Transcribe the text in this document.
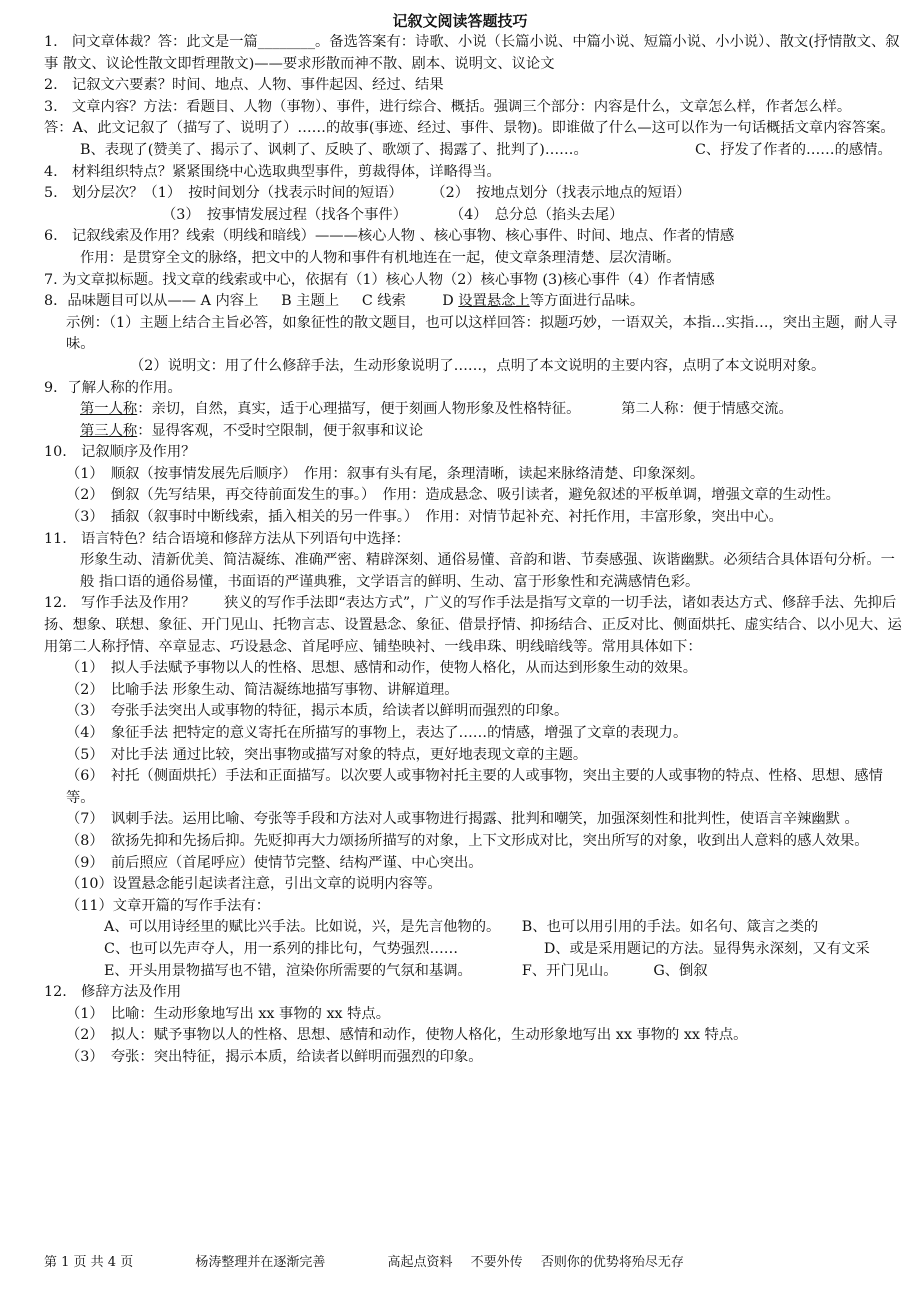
记叙文阅读答题技巧

1.　问文章体裁？答：此文是一篇________。备选答案有：诗歌、小说（长篇小说、中篇小说、短篇小说、小小说）、散文(抒情散文、叙事 散文、议论性散文即哲理散文)——要求形散而神不散、剧本、说明文、议论文

2.　记叙文六要素？时间、地点、人物、事件起因、经过、结果

3.　文章内容？方法：看题目、人物（事物）、事件，进行综合、概括。强调三个部分：内容是什么，文章怎么样，作者怎么样。

答：A、此文记叙了（描写了、说明了）……的故事(事迹、经过、事件、景物)。即谁做了什么—这可以作为一句话概括文章内容答案。

B、表现了(赞美了、揭示了、讽刺了、反映了、歌颂了、揭露了、批判了)……。　　　　　　　　C、抒发了作者的……的感情。

4.　材料组织特点？紧紧围绕中心选取典型事件，剪裁得体，详略得当。

5.　划分层次？（1）　按时间划分（找表示时间的短语）　　　（2）　按地点划分（找表示地点的短语）

（3）　按事情发展过程（找各个事件）　　　　（4）　总分总（掐头去尾）

6.　记叙线索及作用？线索（明线和暗线）———核心人物 、核心事物、核心事件、时间、地点、作者的情感

作用：是贯穿全文的脉络，把文中的人物和事件有机地连在一起，使文章条理清楚、层次清晰。

7. 为文章拟标题。找文章的线索或中心，依据有（1）核心人物（2）核心事物 (3)核心事件（4）作者情感

8．品味题目可以从—— A 内容上 B 主题上 C 线索	D 设置悬念上等方面进行品味。

示例：（1）主题上结合主旨必答，如象征性的散文题目，也可以这样回答：拟题巧妙，一语双关，本指…实指…，突出主题，耐人寻味。

（2）说明文：用了什么修辞手法，生动形象说明了……，点明了本文说明的主要内容，点明了本文说明对象。

9．了解人称的作用。

第一人称：亲切，自然，真实，适于心理描写，便于刻画人物形象及性格特征。	第二人称：便于情感交流。

第三人称：显得客观，不受时空限制，便于叙事和议论

10.　记叙顺序及作用？

（1）　顺叙（按事情发展先后顺序）　作用：叙事有头有尾，条理清晰，读起来脉络清楚、印象深刻。

（2）　倒叙（先写结果，再交待前面发生的事。）　作用：造成悬念、吸引读者，避免叙述的平板单调，增强文章的生动性。

（3）　插叙（叙事时中断线索，插入相关的另一件事。）　作用：对情节起补充、衬托作用，丰富形象，突出中心。

11.　语言特色？结合语境和修辞方法从下列语句中选择：

形象生动、清新优美、简洁凝练、准确严密、精辟深刻、通俗易懂、音韵和谐、节奏感强、诙谐幽默。必须结合具体语句分析。一般 指口语的通俗易懂，书面语的严谨典雅，文学语言的鲜明、生动、富于形象性和充满感情色彩。

12.　写作手法及作用？　　狭义的写作手法即“表达方式”，广义的写作手法是指写文章的一切手法，诸如表达方式、修辞手法、先抑后扬、想象、联想、象征、开门见山、托物言志、设置悬念、象征、借景抒情、抑扬结合、正反对比、侧面烘托、虚实结合、以小见大、运用第二人称抒情、卒章显志、巧设悬念、首尾呼应、铺垫映衬、一线串珠、明线暗线等。常用具体如下：

（1）　拟人手法赋予事物以人的性格、思想、感情和动作，使物人格化，从而达到形象生动的效果。

（2）　比喻手法 形象生动、简洁凝练地描写事物、讲解道理。

（3）　夸张手法突出人或事物的特征，揭示本质，给读者以鲜明而强烈的印象。

（4）　象征手法 把特定的意义寄托在所描写的事物上，表达了……的情感，增强了文章的表现力。

（5）　对比手法 通过比较，突出事物或描写对象的特点，更好地表现文章的主题。

（6）　衬托（侧面烘托）手法和正面描写。以次要人或事物衬托主要的人或事物，突出主要的人或事物的特点、性格、思想、感情等。

（7）　讽刺手法。运用比喻、夸张等手段和方法对人或事物进行揭露、批判和嘲笑，加强深刻性和批判性，使语言辛辣幽默 。

（8）　欲扬先抑和先扬后抑。先贬抑再大力颂扬所描写的对象，上下文形成对比，突出所写的对象，收到出人意料的感人效果。

（9）　前后照应（首尾呼应）使情节完整、结构严谨、中心突出。

（10）设置悬念能引起读者注意，引出文章的说明内容等。

（11）文章开篇的写作手法有：

A、可以用诗经里的赋比兴手法。比如说，兴，是先言他物的。　　B、也可以用引用的手法。如名句、箴言之类的

C、也可以先声夺人，用一系列的排比句，气势强烈……　　　　　　D、或是采用题记的方法。显得隽永深刻，又有文采

E、开头用景物描写也不错，渲染你所需要的气氛和基调。　　　　F、开门见山。　　　G、倒叙

12.　修辞方法及作用

（1）　比喻：生动形象地写出 xx 事物的 xx 特点。

（2）　拟人：赋予事物以人的性格、思想、感情和动作，使物人格化，生动形象地写出 xx 事物的 xx 特点。

（3）　夸张：突出特征，揭示本质，给读者以鲜明而强烈的印象。

第 1 页 共 4 页	杨涛整理并在逐渐完善	高起点资料 不要外传 否则你的优势将殆尽无存
